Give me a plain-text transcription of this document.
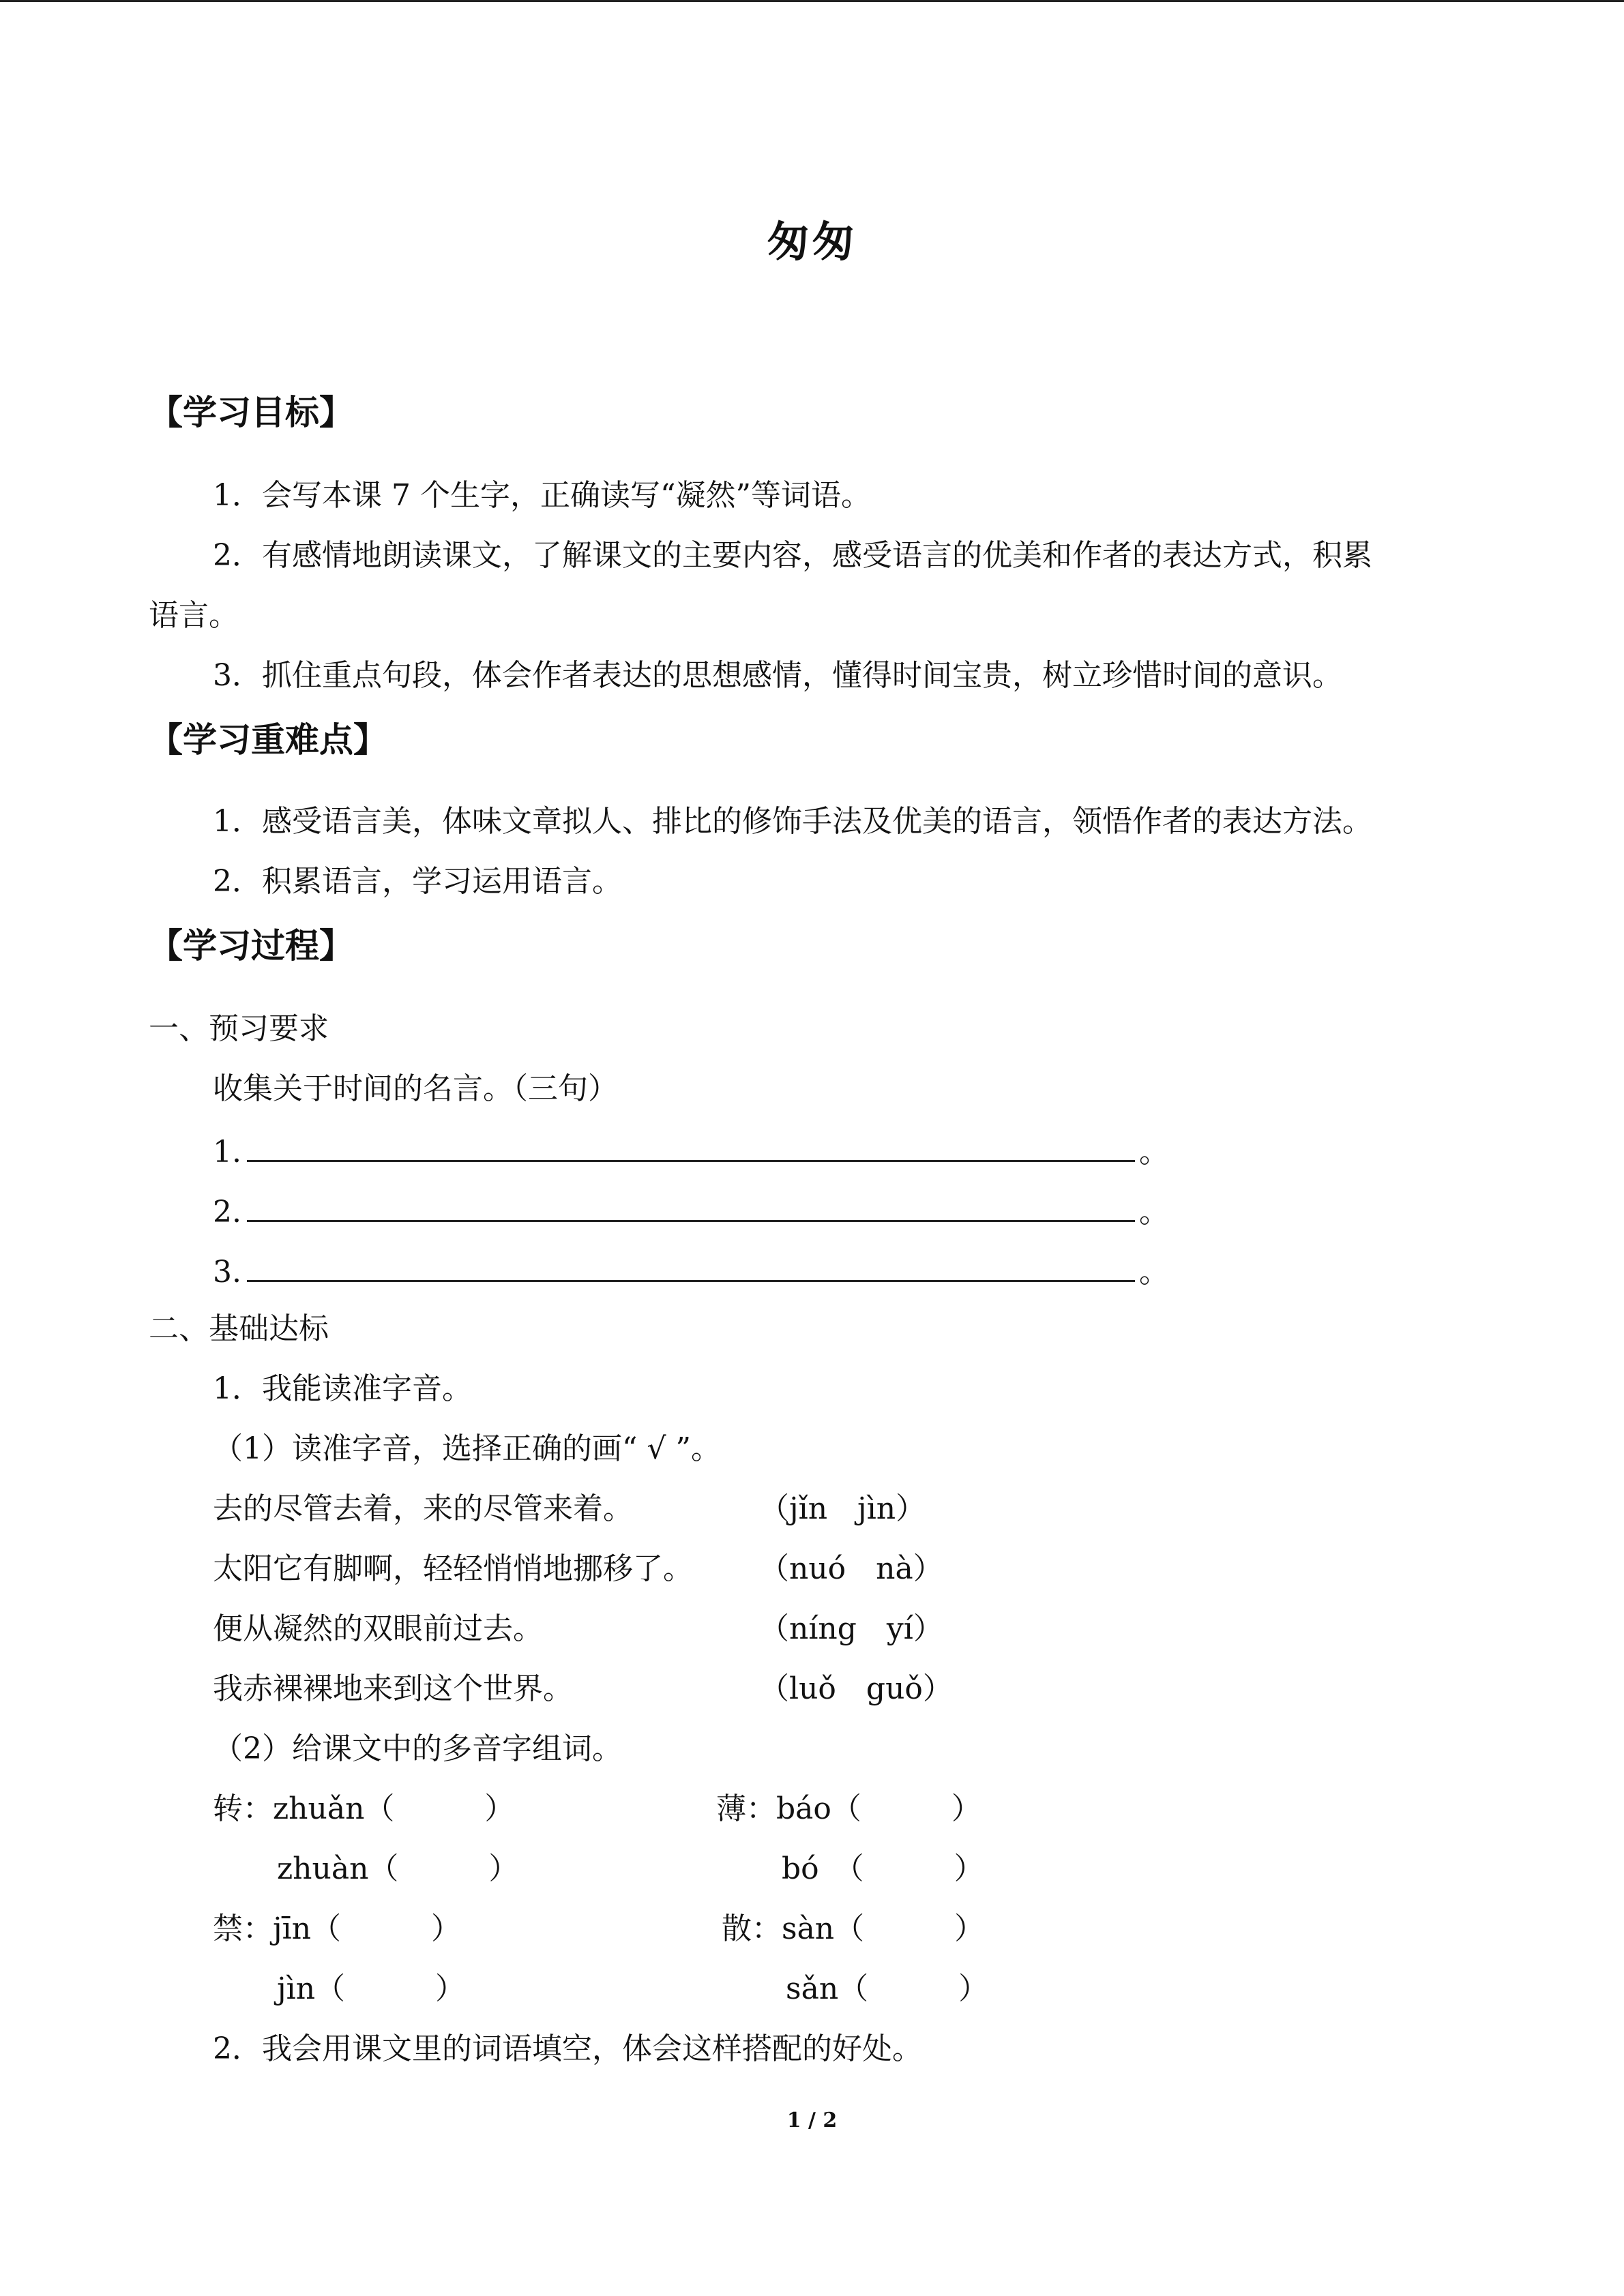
匆匆
【学习目标】
1．会写本课 7 个生字，正确读写“凝然”等词语。
2．有感情地朗读课文，了解课文的主要内容，感受语言的优美和作者的表达方式，积累
语言。
3．抓住重点句段，体会作者表达的思想感情，懂得时间宝贵，树立珍惜时间的意识。
【学习重难点】
1．感受语言美，体味文章拟人、排比的修饰手法及优美的语言，领悟作者的表达方法。
2．积累语言，学习运用语言。
【学习过程】
一、预习要求
收集关于时间的名言。（三句）
1.	。
2.	。
3.	。
二、基础达标
1．我能读准字音。
（1）读准字音，选择正确的画“ √ ”。
去的尽管去着，来的尽管来着。	（jǐn　jìn）
太阳它有脚啊，轻轻悄悄地挪移了。 （nuó　nà）
便从凝然的双眼前过去。	（níng　yí）
我赤裸裸地来到这个世界。	（luǒ　guǒ）
（2）给课文中的多音字组词。
转：zhuǎn（　　　）	薄：báo（　　　）
zhuàn（　　　）	bó　（　　　）
禁：jīn（　　　）	散：sàn（　　　）
jìn（　　　）	sǎn（　　　）
2．我会用课文里的词语填空，体会这样搭配的好处。
1 / 2
